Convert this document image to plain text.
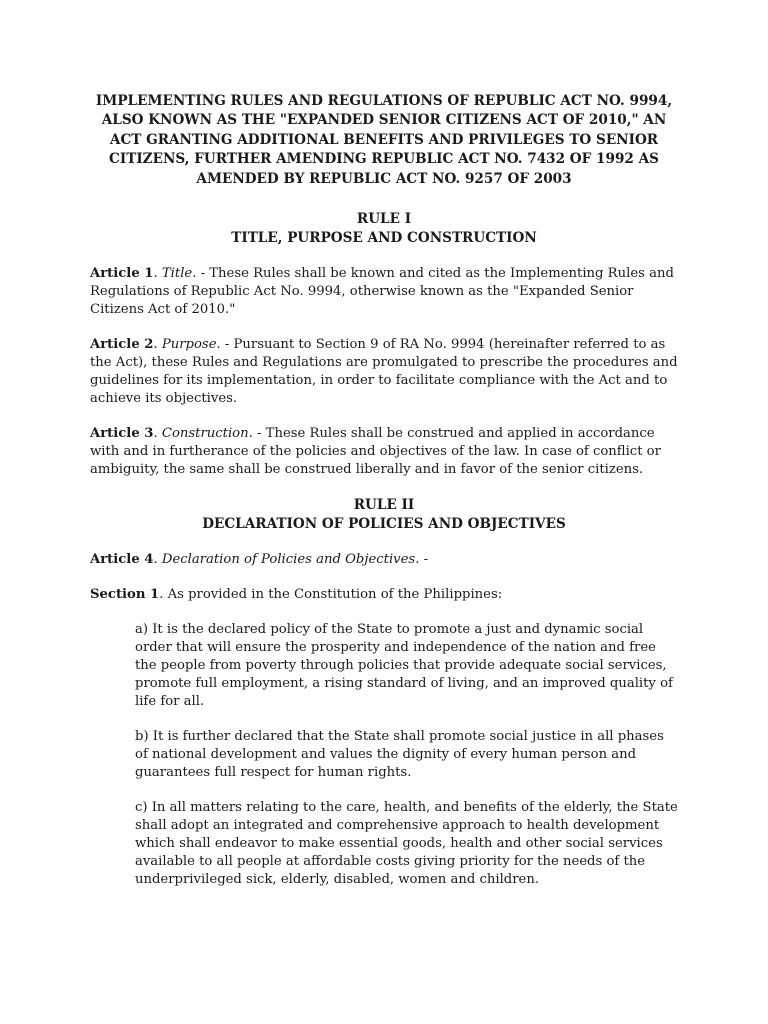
IMPLEMENTING RULES AND REGULATIONS OF REPUBLIC ACT NO. 9994, ALSO KNOWN AS THE "EXPANDED SENIOR CITIZENS ACT OF 2010," AN ACT GRANTING ADDITIONAL BENEFITS AND PRIVILEGES TO SENIOR CITIZENS, FURTHER AMENDING REPUBLIC ACT NO. 7432 OF 1992 AS AMENDED BY REPUBLIC ACT NO. 9257 OF 2003

RULE I
TITLE, PURPOSE AND CONSTRUCTION

Article 1. Title. - These Rules shall be known and cited as the Implementing Rules and Regulations of Republic Act No. 9994, otherwise known as the "Expanded Senior Citizens Act of 2010."

Article 2. Purpose. - Pursuant to Section 9 of RA No. 9994 (hereinafter referred to as the Act), these Rules and Regulations are promulgated to prescribe the procedures and guidelines for its implementation, in order to facilitate compliance with the Act and to achieve its objectives.

Article 3. Construction. - These Rules shall be construed and applied in accordance with and in furtherance of the policies and objectives of the law. In case of conflict or ambiguity, the same shall be construed liberally and in favor of the senior citizens.

RULE II
DECLARATION OF POLICIES AND OBJECTIVES

Article 4. Declaration of Policies and Objectives. -

Section 1. As provided in the Constitution of the Philippines:

a) It is the declared policy of the State to promote a just and dynamic social order that will ensure the prosperity and independence of the nation and free the people from poverty through policies that provide adequate social services, promote full employment, a rising standard of living, and an improved quality of life for all.

b) It is further declared that the State shall promote social justice in all phases of national development and values the dignity of every human person and guarantees full respect for human rights.

c) In all matters relating to the care, health, and benefits of the elderly, the State shall adopt an integrated and comprehensive approach to health development which shall endeavor to make essential goods, health and other social services available to all people at affordable costs giving priority for the needs of the underprivileged sick, elderly, disabled, women and children.
